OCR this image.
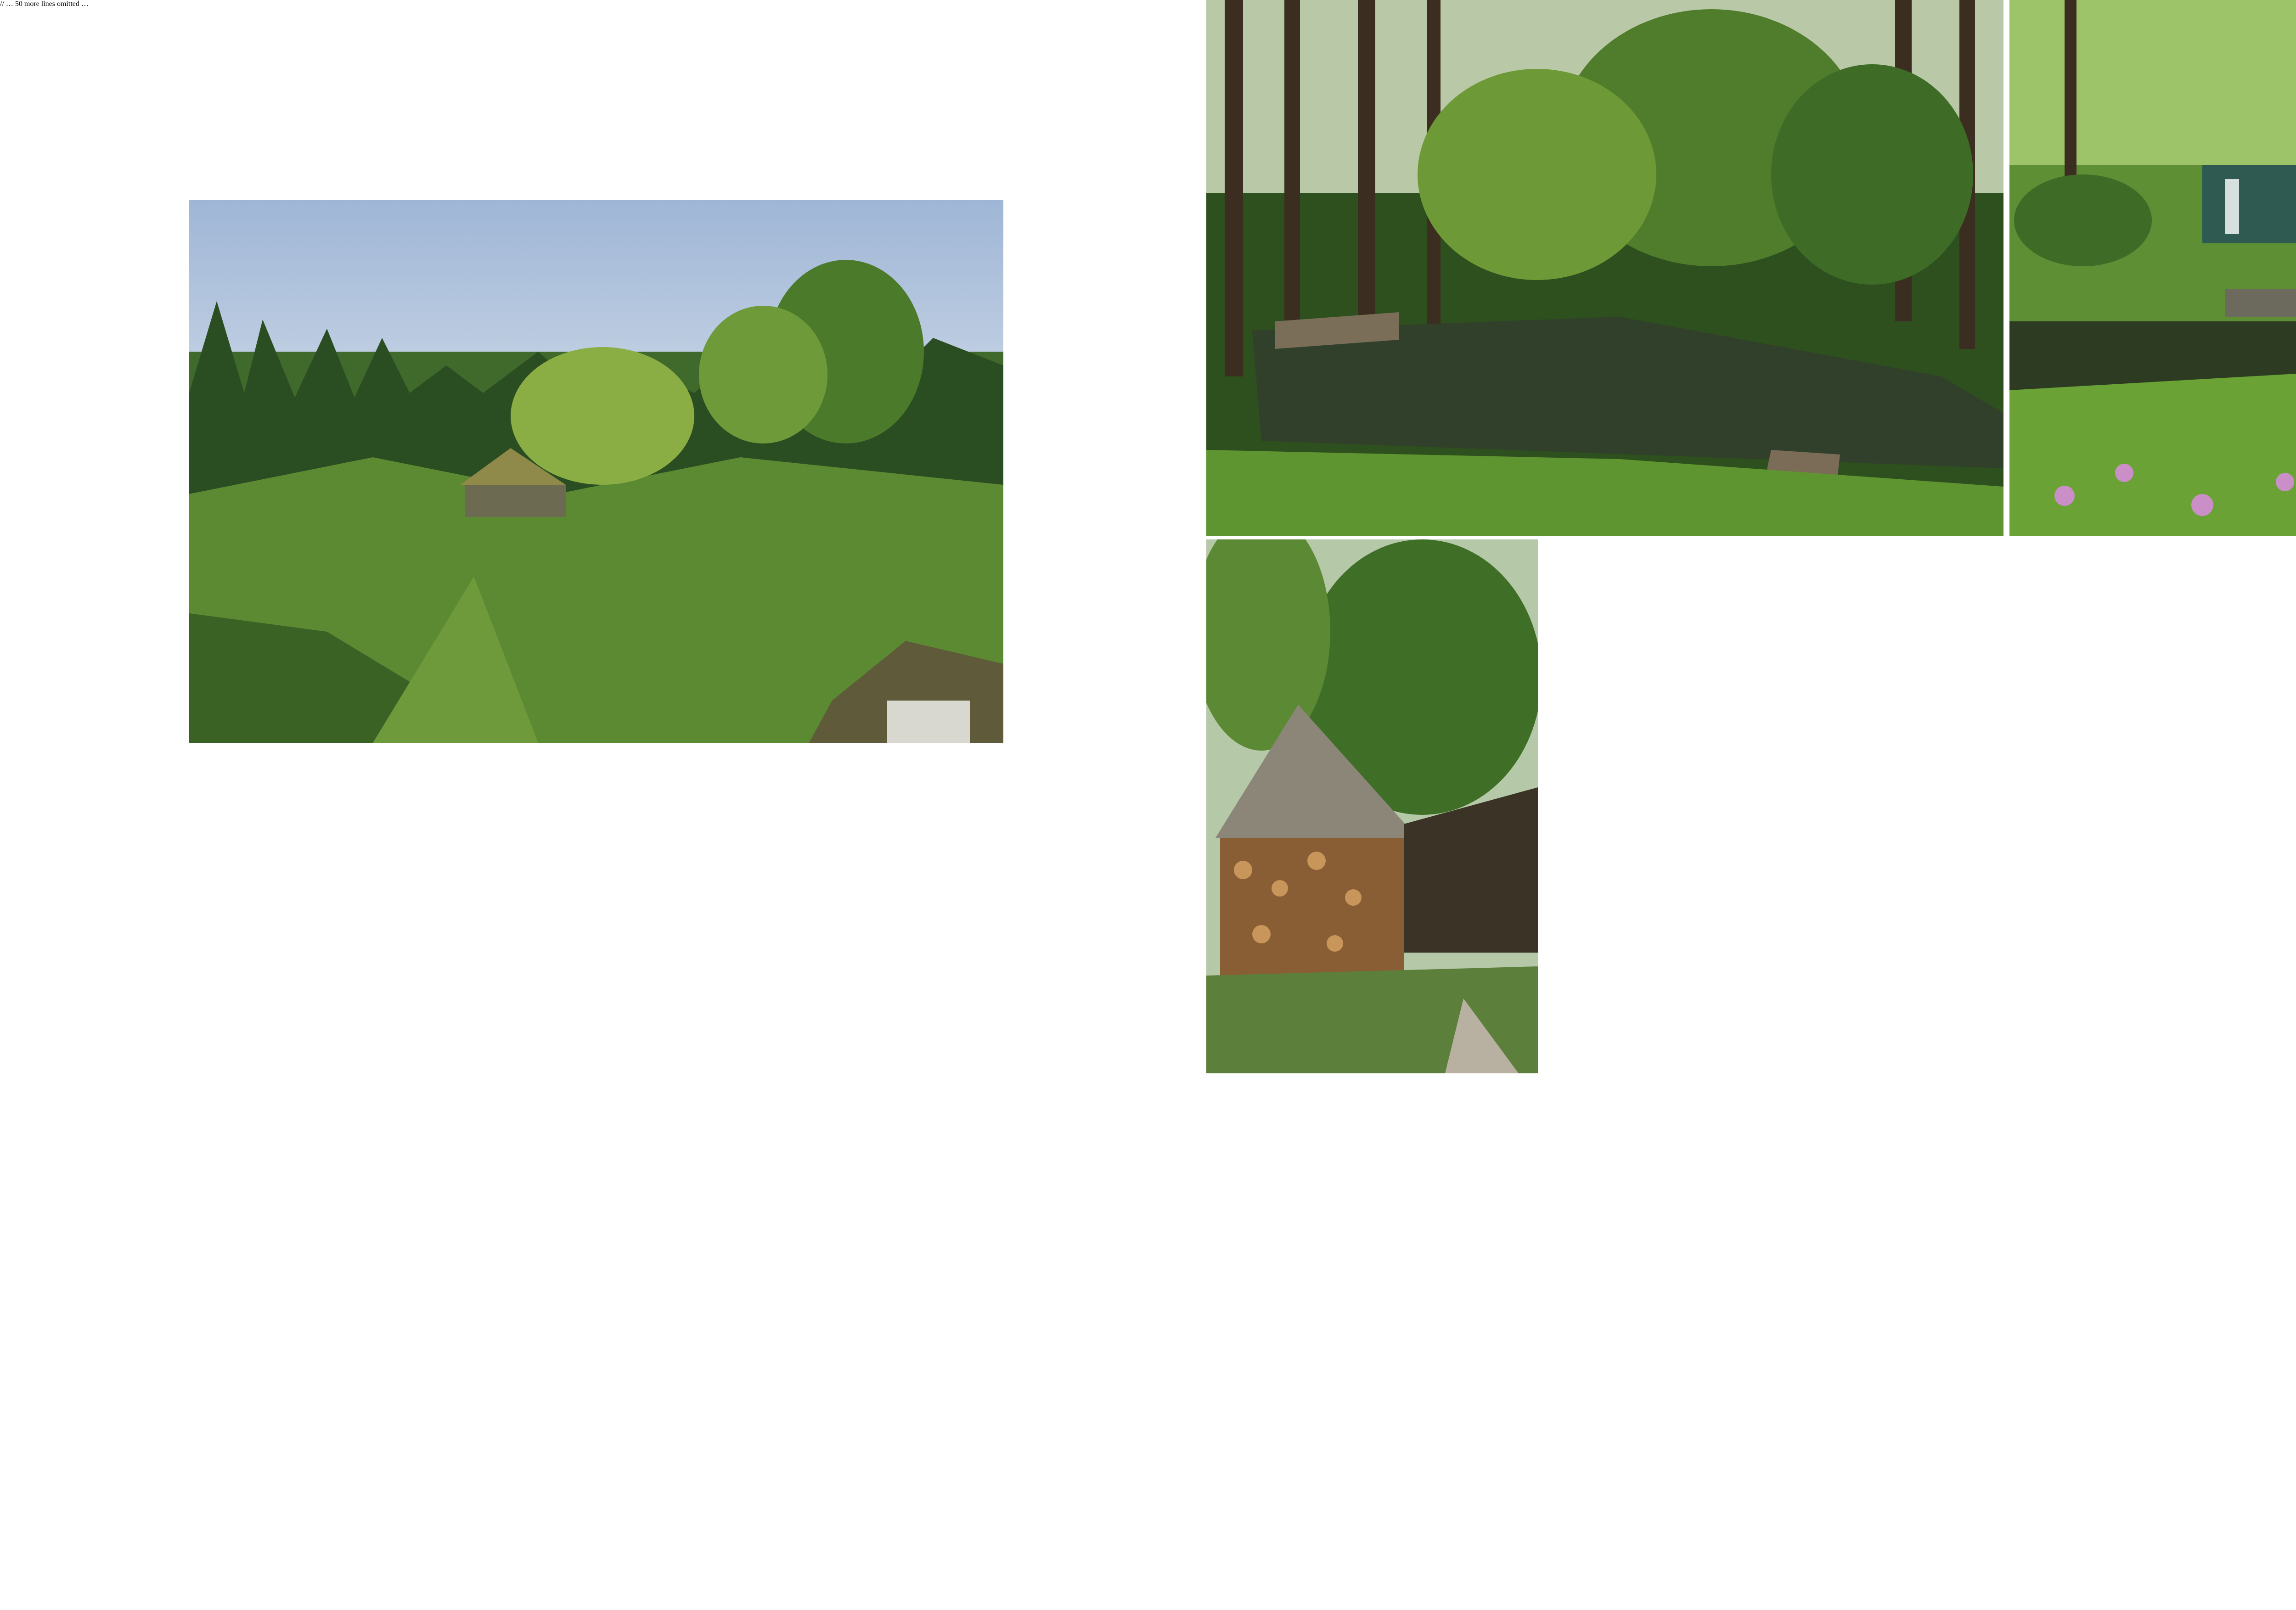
// … 50 more lines omitted …
